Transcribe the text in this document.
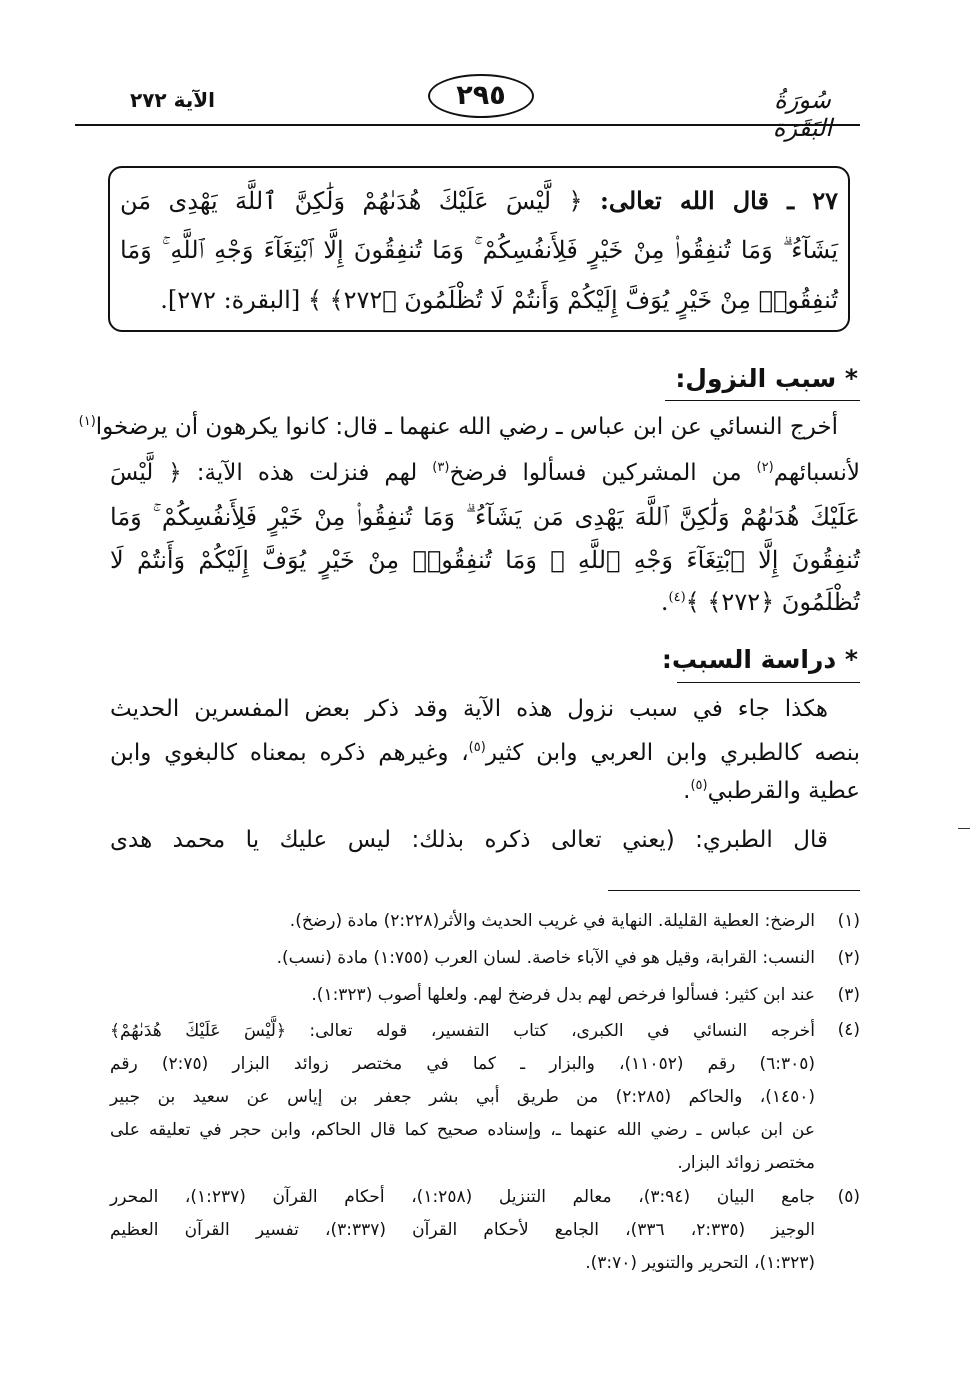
سُورَةُ البَقَرَة
٢٩٥
الآية ٢٧٢
٢٧ ـ قال الله تعالى: ﴿ لَّيْسَ عَلَيْكَ هُدَىٰهُمْ وَلَٰكِنَّ ٱللَّهَ يَهْدِى مَن
يَشَآءُ ۗ وَمَا تُنفِقُوا۟ مِنْ خَيْرٍ فَلِأَنفُسِكُمْ ۚ وَمَا تُنفِقُونَ إِلَّا ٱبْتِغَآءَ وَجْهِ ٱللَّهِ ۚ وَمَا
تُنفِقُوا۟ مِنْ خَيْرٍ يُوَفَّ إِلَيْكُمْ وَأَنتُمْ لَا تُظْلَمُونَ ﴿٢٧٢﴾ ﴾ [البقرة: ٢٧٢].
* سبب النزول:
أخرج النسائي عن ابن عباس ـ رضي الله عنهما ـ قال: كانوا يكرهون أن يرضخوا$^{(١)}$
لأنسبائهم$^{(٢)}$ من المشركين فسألوا فرضخ$^{(٣)}$ لهم فنزلت هذه الآية: ﴿ لَّيْسَ
عَلَيْكَ هُدَىٰهُمْ وَلَٰكِنَّ ٱللَّهَ يَهْدِى مَن يَشَآءُ ۗ وَمَا تُنفِقُوا۟ مِنْ خَيْرٍ فَلِأَنفُسِكُمْ ۚ وَمَا
تُنفِقُونَ إِلَّا ٱبْتِغَآءَ وَجْهِ ٱللَّهِ ۚ وَمَا تُنفِقُوا۟ مِنْ خَيْرٍ يُوَفَّ إِلَيْكُمْ وَأَنتُمْ لَا
تُظْلَمُونَ ﴿٢٧٢﴾ ﴾$^{(٤)}$.
* دراسة السبب:
هكذا جاء في سبب نزول هذه الآية وقد ذكر بعض المفسرين الحديث
بنصه كالطبري وابن العربي وابن كثير$^{(٥)}$، وغيرهم ذكره بمعناه كالبغوي وابن
عطية والقرطبي$^{(٥)}$.
قال الطبري: (يعني تعالى ذكره بذلك: ليس عليك يا محمد هدى
(١)
الرضخ: العطية القليلة. النهاية في غريب الحديث والأثر(٢:٢٢٨) مادة (رضخ).
(٢)
النسب: القرابة، وقيل هو في الآباء خاصة. لسان العرب (١:٧٥٥) مادة (نسب).
(٣)
عند ابن كثير: فسألوا فرخص لهم بدل فرضخ لهم. ولعلها أصوب (١:٣٢٣).
(٤)
أخرجه النسائي في الكبرى، كتاب التفسير، قوله تعالى: ﴿لَّيْسَ عَلَيْكَ هُدَىٰهُمْ﴾
(٦:٣٠٥) رقم (١١٠٥٢)، والبزار ـ كما في مختصر زوائد البزار (٢:٧٥) رقم
(١٤٥٠)، والحاكم (٢:٢٨٥) من طريق أبي بشر جعفر بن إياس عن سعيد بن جبير
عن ابن عباس ـ رضي الله عنهما ـ، وإسناده صحيح كما قال الحاكم، وابن حجر في تعليقه على
مختصر زوائد البزار.
(٥)
جامع البيان (٣:٩٤)، معالم التنزيل (١:٢٥٨)، أحكام القرآن (١:٢٣٧)، المحرر
الوجيز (٢:٣٣٥، ٣٣٦)، الجامع لأحكام القرآن (٣:٣٣٧)، تفسير القرآن العظيم
(١:٣٢٣)، التحرير والتنوير (٣:٧٠).
